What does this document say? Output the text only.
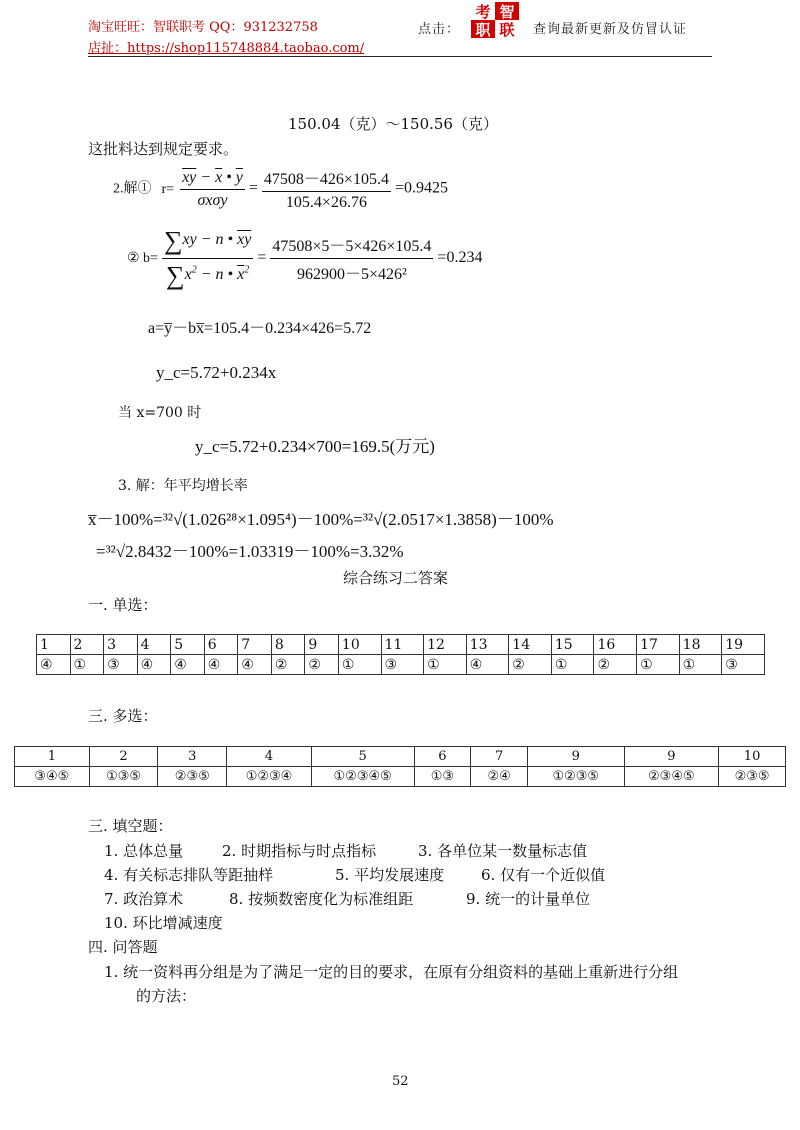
淘宝旺旺：智联职考 QQ：931232758
店扯：https://shop115748884.taobao.com/
点击：
考 智
职 联 查询最新更新及仿冒认证
150.04（克）～150.56（克）
这批料达到规定要求。
2.解① $r= \frac{\overline{xy} - \overline{x} • \overline{y}}{\text{σxσy}} = \frac{47508-426\times 105.4}{105.4\times 26.76} =0.9425$
② $b= \frac{\sum xy - n • \overline{xy}}{\sum x^2 - n • \overline{x}^2} = \frac{47508\times 5-5\times 426\times 105.4}{\text{962900－5×426²}} =0.234$
a=y̅－bx̅=105.4－0.234×426=5.72
y_c=5.72+0.234x
当 x=700 时
y_c=5.72+0.234×700=169.5(万元)
3. 解：年平均增长率
x̅－100%=³²√(1.026²⁸×1.095⁴)－100%=³²√(2.0517×1.3858)－100%
=³²√2.8432－100%=1.03319－100%=3.32%
综合练习二答案
一. 单选：
1	2	3	4	5	6	7	8	9	10	11	12	13	14	15	16	17	18	19
④	①	③	④	④	④	④	②	②	①	③	①	④	②	①	②	①	①	③
三. 多选：
1	2	3	4	5	6	7	9	9	10
③④⑤	①③⑤	②③⑤	①②③④	①②③④⑤	①③	②④	①②③⑤	②③④⑤	②③⑤
三. 填空题：
1. 总体总量	2. 时期指标与时点指标	3. 各单位某一数量标志值
4. 有关标志排队等距抽样	5. 平均发展速度 6. 仅有一个近似值
7. 政治算术	8. 按频数密度化为标准组距	9. 统一的计量单位
10. 环比增减速度
四. 问答题
1. 统一资料再分组是为了满足一定的目的要求，在原有分组资料的基础上重新进行分组
的方法：
52
